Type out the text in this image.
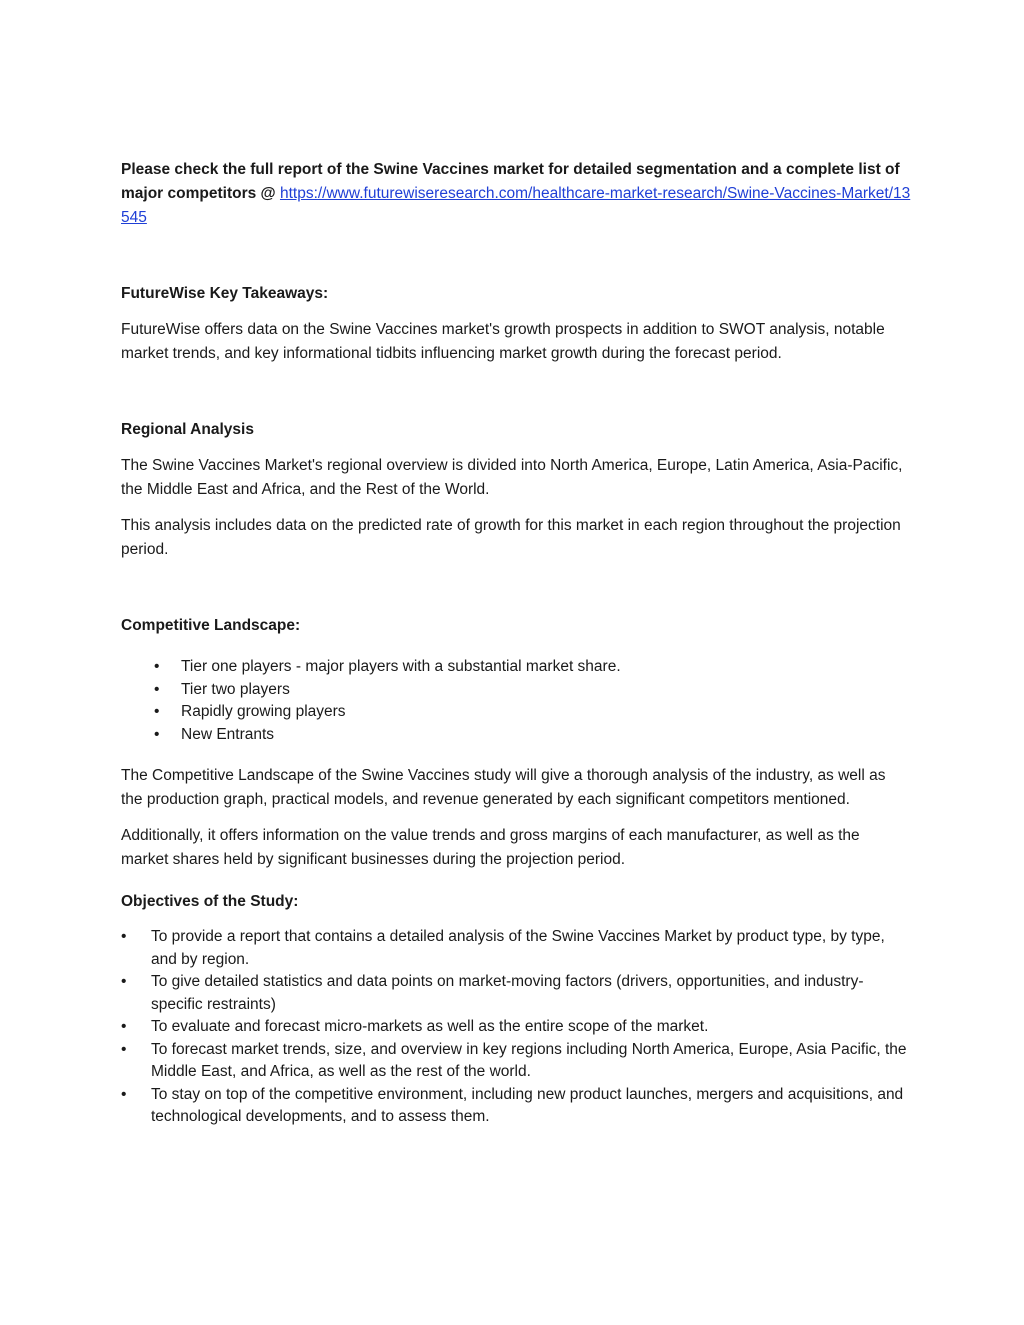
Please check the full report of the Swine Vaccines market for detailed segmentation and a complete list of major competitors @ https://www.futurewiseresearch.com/healthcare-market-research/Swine-Vaccines-Market/13545

FutureWise Key Takeaways:

FutureWise offers data on the Swine Vaccines market's growth prospects in addition to SWOT analysis, notable market trends, and key informational tidbits influencing market growth during the forecast period.

Regional Analysis

The Swine Vaccines Market's regional overview is divided into North America, Europe, Latin America, Asia-Pacific, the Middle East and Africa, and the Rest of the World.

This analysis includes data on the predicted rate of growth for this market in each region throughout the projection period.

Competitive Landscape:

• Tier one players - major players with a substantial market share.
• Tier two players
• Rapidly growing players
• New Entrants

The Competitive Landscape of the Swine Vaccines study will give a thorough analysis of the industry, as well as the production graph, practical models, and revenue generated by each significant competitors mentioned.

Additionally, it offers information on the value trends and gross margins of each manufacturer, as well as the market shares held by significant businesses during the projection period.

Objectives of the Study:

• To provide a report that contains a detailed analysis of the Swine Vaccines Market by product type, by type, and by region.
• To give detailed statistics and data points on market-moving factors (drivers, opportunities, and industry-specific restraints)
• To evaluate and forecast micro-markets as well as the entire scope of the market.
• To forecast market trends, size, and overview in key regions including North America, Europe, Asia Pacific, the Middle East, and Africa, as well as the rest of the world.
• To stay on top of the competitive environment, including new product launches, mergers and acquisitions, and technological developments, and to assess them.
